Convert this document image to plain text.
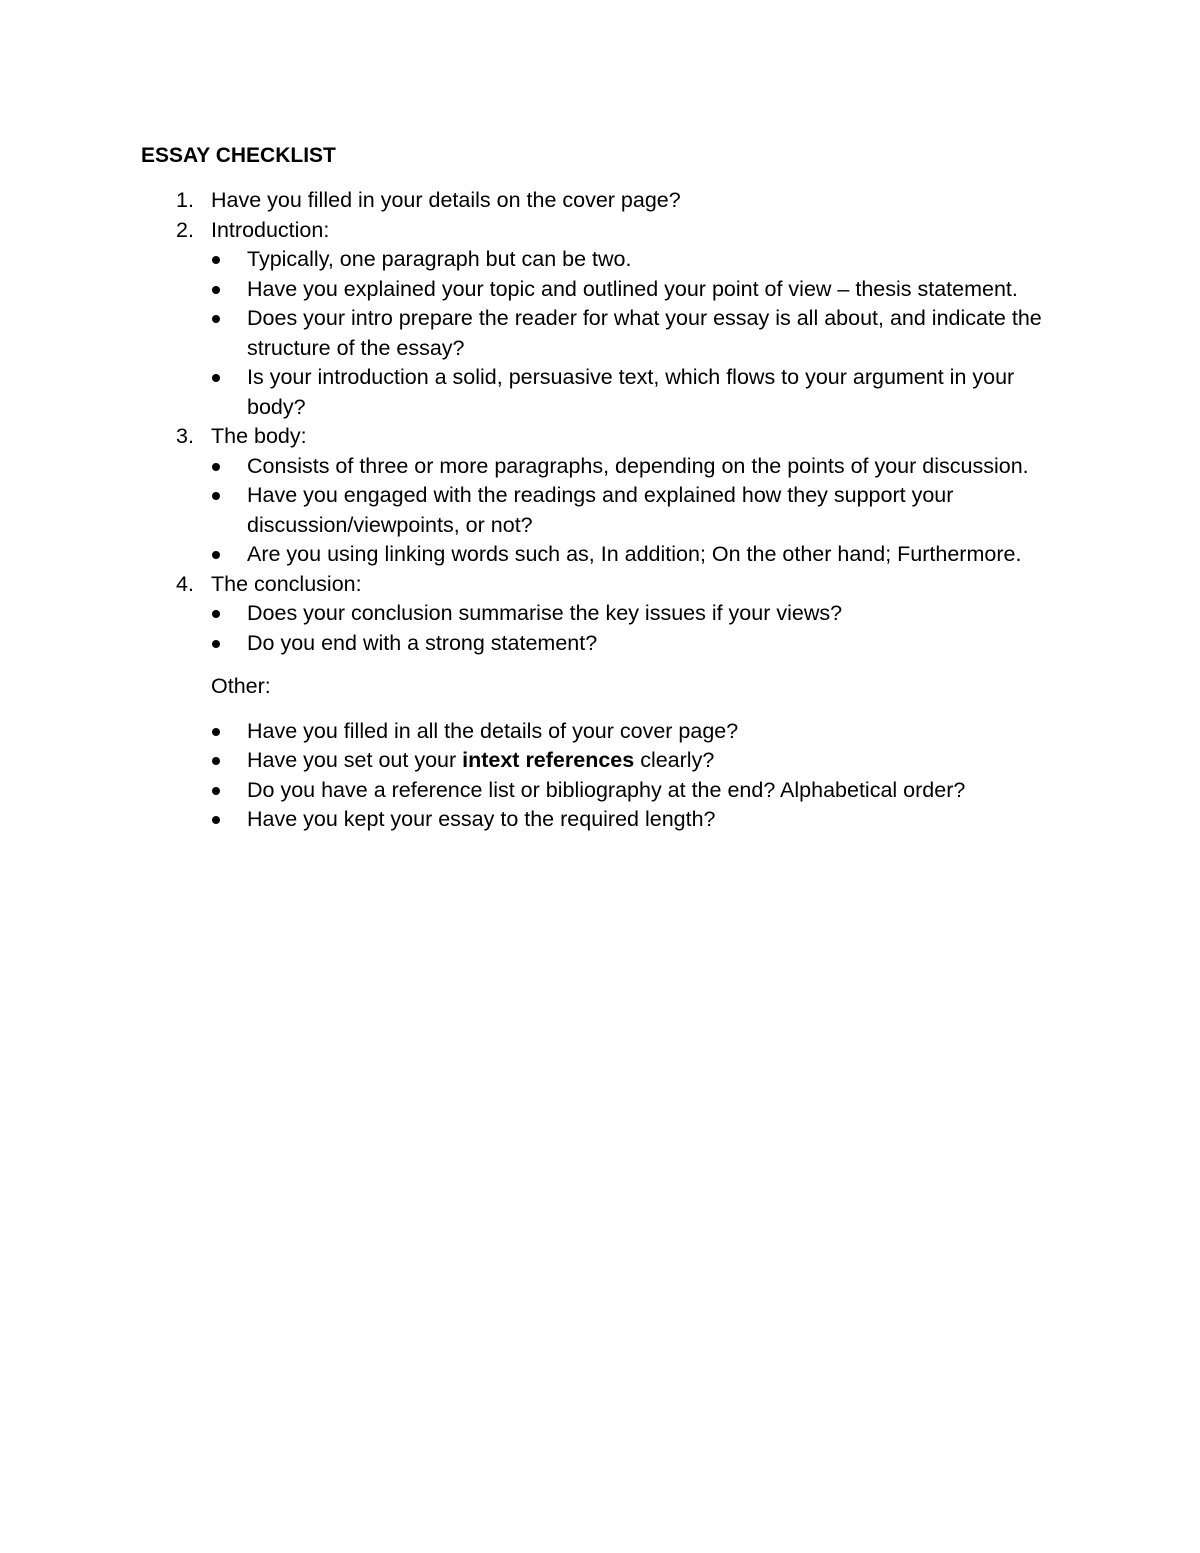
ESSAY CHECKLIST
1. Have you filled in your details on the cover page?
2. Introduction:
Typically, one paragraph but can be two.
Have you explained your topic and outlined your point of view – thesis statement.
Does your intro prepare the reader for what your essay is all about, and indicate the structure of the essay?
Is your introduction a solid, persuasive text, which flows to your argument in your body?
3. The body:
Consists of three or more paragraphs, depending on the points of your discussion.
Have you engaged with the readings and explained how they support your discussion/viewpoints, or not?
Are you using linking words such as, In addition; On the other hand; Furthermore.
4. The conclusion:
Does your conclusion summarise the key issues if your views?
Do you end with a strong statement?
Other:
Have you filled in all the details of your cover page?
Have you set out your intext references clearly?
Do you have a reference list or bibliography at the end? Alphabetical order?
Have you kept your essay to the required length?
